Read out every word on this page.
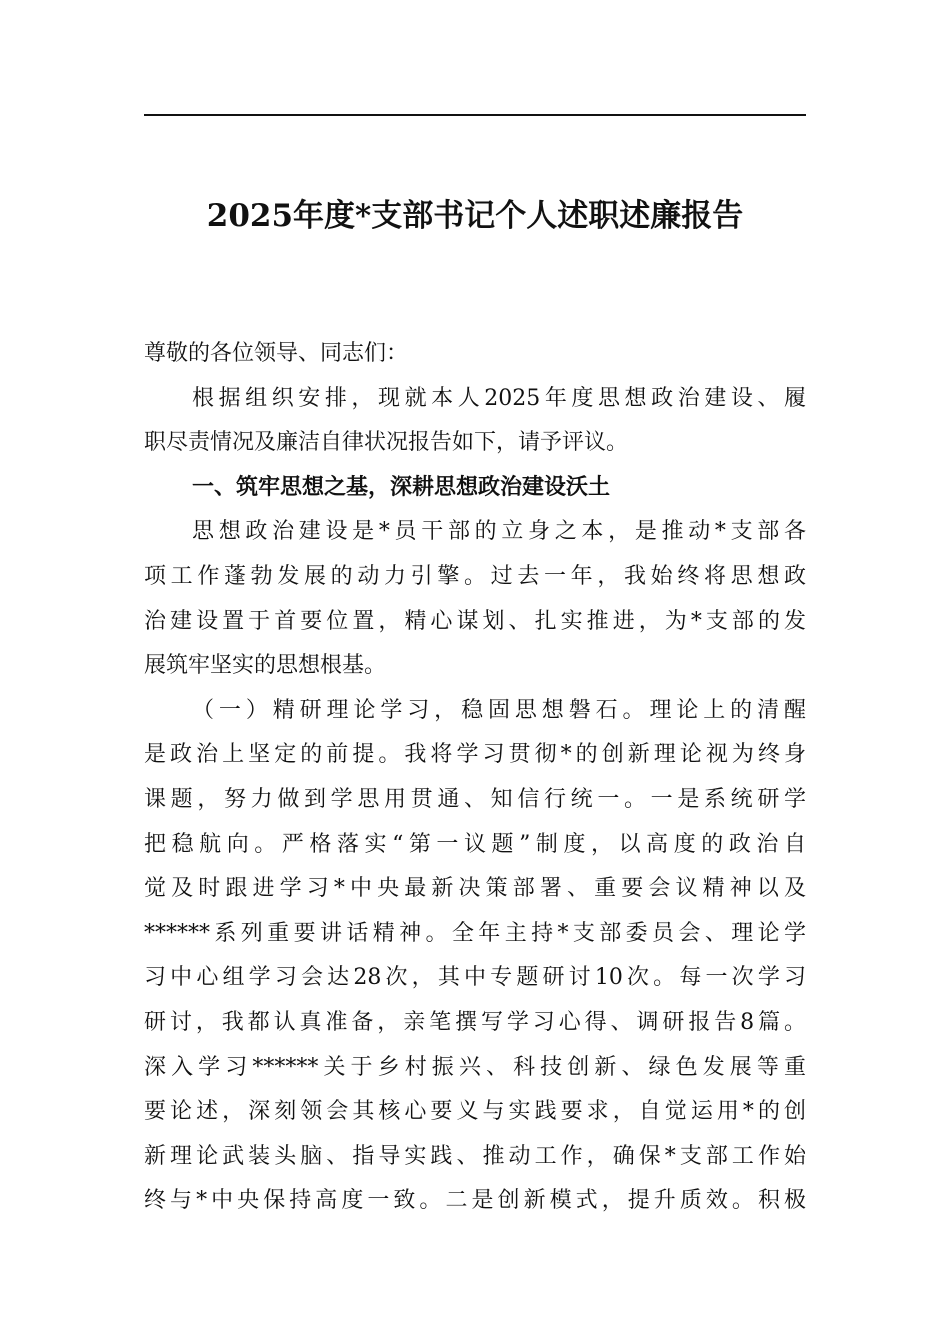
2025年度*支部书记个人述职述廉报告
尊敬的各位领导、同志们：
根据组织安排，现就本人2025年度思想政治建设、履
职尽责情况及廉洁自律状况报告如下，请予评议。
一、筑牢思想之基，深耕思想政治建设沃土
思想政治建设是*员干部的立身之本，是推动*支部各
项工作蓬勃发展的动力引擎。过去一年，我始终将思想政
治建设置于首要位置，精心谋划、扎实推进，为*支部的发
展筑牢坚实的思想根基。
（一）精研理论学习，稳固思想磐石。理论上的清醒
是政治上坚定的前提。我将学习贯彻*的创新理论视为终身
课题，努力做到学思用贯通、知信行统一。一是系统研学
把稳航向。严格落实“第一议题”制度，以高度的政治自
觉及时跟进学习*中央最新决策部署、重要会议精神以及
******系列重要讲话精神。全年主持*支部委员会、理论学
习中心组学习会达28次，其中专题研讨10次。每一次学习
研讨，我都认真准备，亲笔撰写学习心得、调研报告8篇。
深入学习******关于乡村振兴、科技创新、绿色发展等重
要论述，深刻领会其核心要义与实践要求，自觉运用*的创
新理论武装头脑、指导实践、推动工作，确保*支部工作始
终与*中央保持高度一致。二是创新模式，提升质效。积极
